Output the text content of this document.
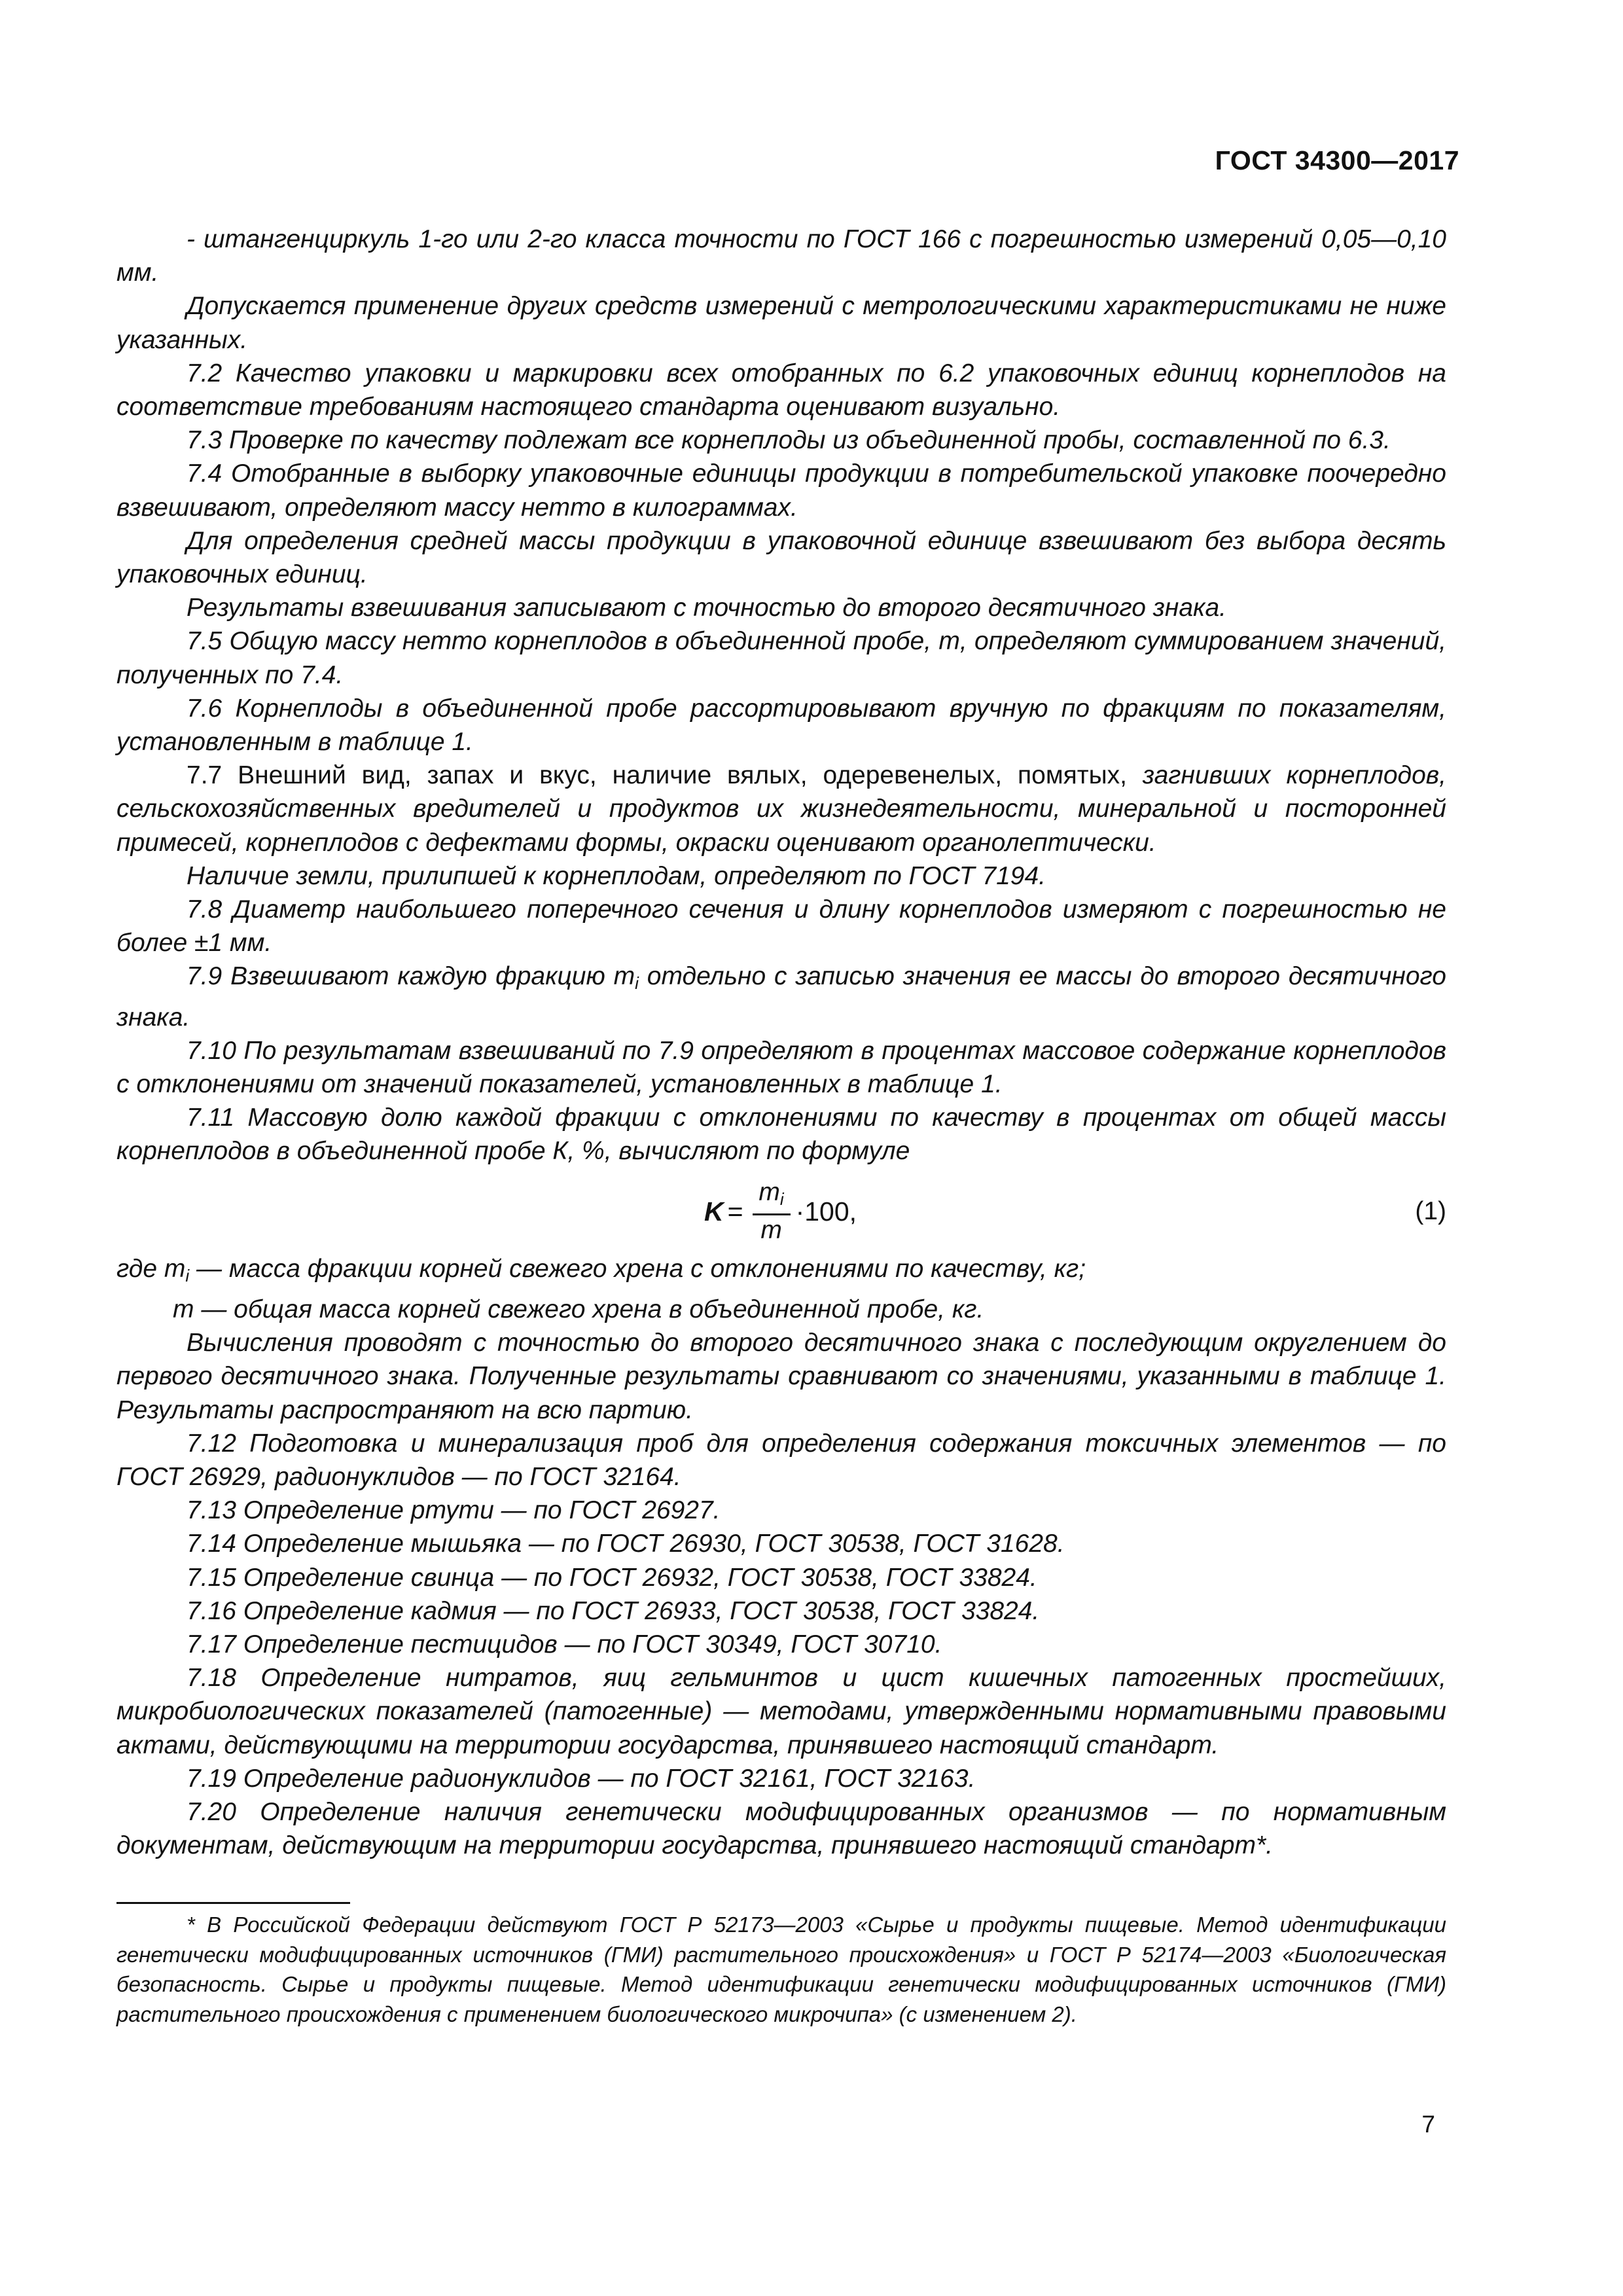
ГОСТ 34300—2017

- штангенциркуль 1-го или 2-го класса точности по ГОСТ 166 с погрешностью измерений 0,05—0,10 мм.

Допускается применение других средств измерений с метрологическими характеристиками не ниже указанных.

7.2 Качество упаковки и маркировки всех отобранных по 6.2 упаковочных единиц корнеплодов на соответствие требованиям настоящего стандарта оценивают визуально.

7.3 Проверке по качеству подлежат все корнеплоды из объединенной пробы, составленной по 6.3.

7.4 Отобранные в выборку упаковочные единицы продукции в потребительской упаковке поочередно взвешивают, определяют массу нетто в килограммах.

Для определения средней массы продукции в упаковочной единице взвешивают без выбора десять упаковочных единиц.

Результаты взвешивания записывают с точностью до второго десятичного знака.

7.5 Общую массу нетто корнеплодов в объединенной пробе, m, определяют суммированием значений, полученных по 7.4.

7.6 Корнеплоды в объединенной пробе рассортировывают вручную по фракциям по показателям, установленным в таблице 1.

7.7 Внешний вид, запах и вкус, наличие вялых, одеревенелых, помятых, загнивших корнеплодов, сельскохозяйственных вредителей и продуктов их жизнедеятельности, минеральной и посторонней примесей, корнеплодов с дефектами формы, окраски оценивают органолептически.

Наличие земли, прилипшей к корнеплодам, определяют по ГОСТ 7194.

7.8 Диаметр наибольшего поперечного сечения и длину корнеплодов измеряют с погрешностью не более ±1 мм.

7.9 Взвешивают каждую фракцию $m_i$ отдельно с записью значения ее массы до второго десятичного знака.

7.10 По результатам взвешиваний по 7.9 определяют в процентах массовое содержание корнеплодов с отклонениями от значений показателей, установленных в таблице 1.

7.11 Массовую долю каждой фракции с отклонениями по качеству в процентах от общей массы корнеплодов в объединенной пробе К, %, вычисляют по формуле

$K = \frac{m_i}{m} \cdot 100$,	(1)

где $m_i$ — масса фракции корней свежего хрена с отклонениями по качеству, кг;

m — общая масса корней свежего хрена в объединенной пробе, кг.

Вычисления проводят с точностью до второго десятичного знака с последующим округлением до первого десятичного знака. Полученные результаты сравнивают со значениями, указанными в таблице 1. Результаты распространяют на всю партию.

7.12 Подготовка и минерализация проб для определения содержания токсичных элементов — по ГОСТ 26929, радионуклидов — по ГОСТ 32164.

7.13 Определение ртути — по ГОСТ 26927.

7.14 Определение мышьяка — по ГОСТ 26930, ГОСТ 30538, ГОСТ 31628.

7.15 Определение свинца — по ГОСТ 26932, ГОСТ 30538, ГОСТ 33824.

7.16 Определение кадмия — по ГОСТ 26933, ГОСТ 30538, ГОСТ 33824.

7.17 Определение пестицидов — по ГОСТ 30349, ГОСТ 30710.

7.18 Определение нитратов, яиц гельминтов и цист кишечных патогенных простейших, микробиологических показателей (патогенные) — методами, утвержденными нормативными правовыми актами, действующими на территории государства, принявшего настоящий стандарт.

7.19 Определение радионуклидов — по ГОСТ 32161, ГОСТ 32163.

7.20 Определение наличия генетически модифицированных организмов — по нормативным документам, действующим на территории государства, принявшего настоящий стандарт*.

* В Российской Федерации действуют ГОСТ Р 52173—2003 «Сырье и продукты пищевые. Метод идентификации генетически модифицированных источников (ГМИ) растительного происхождения» и ГОСТ Р 52174—2003 «Биологическая безопасность. Сырье и продукты пищевые. Метод идентификации генетически модифицированных источников (ГМИ) растительного происхождения с применением биологического микрочипа» (с изменением 2).

7
